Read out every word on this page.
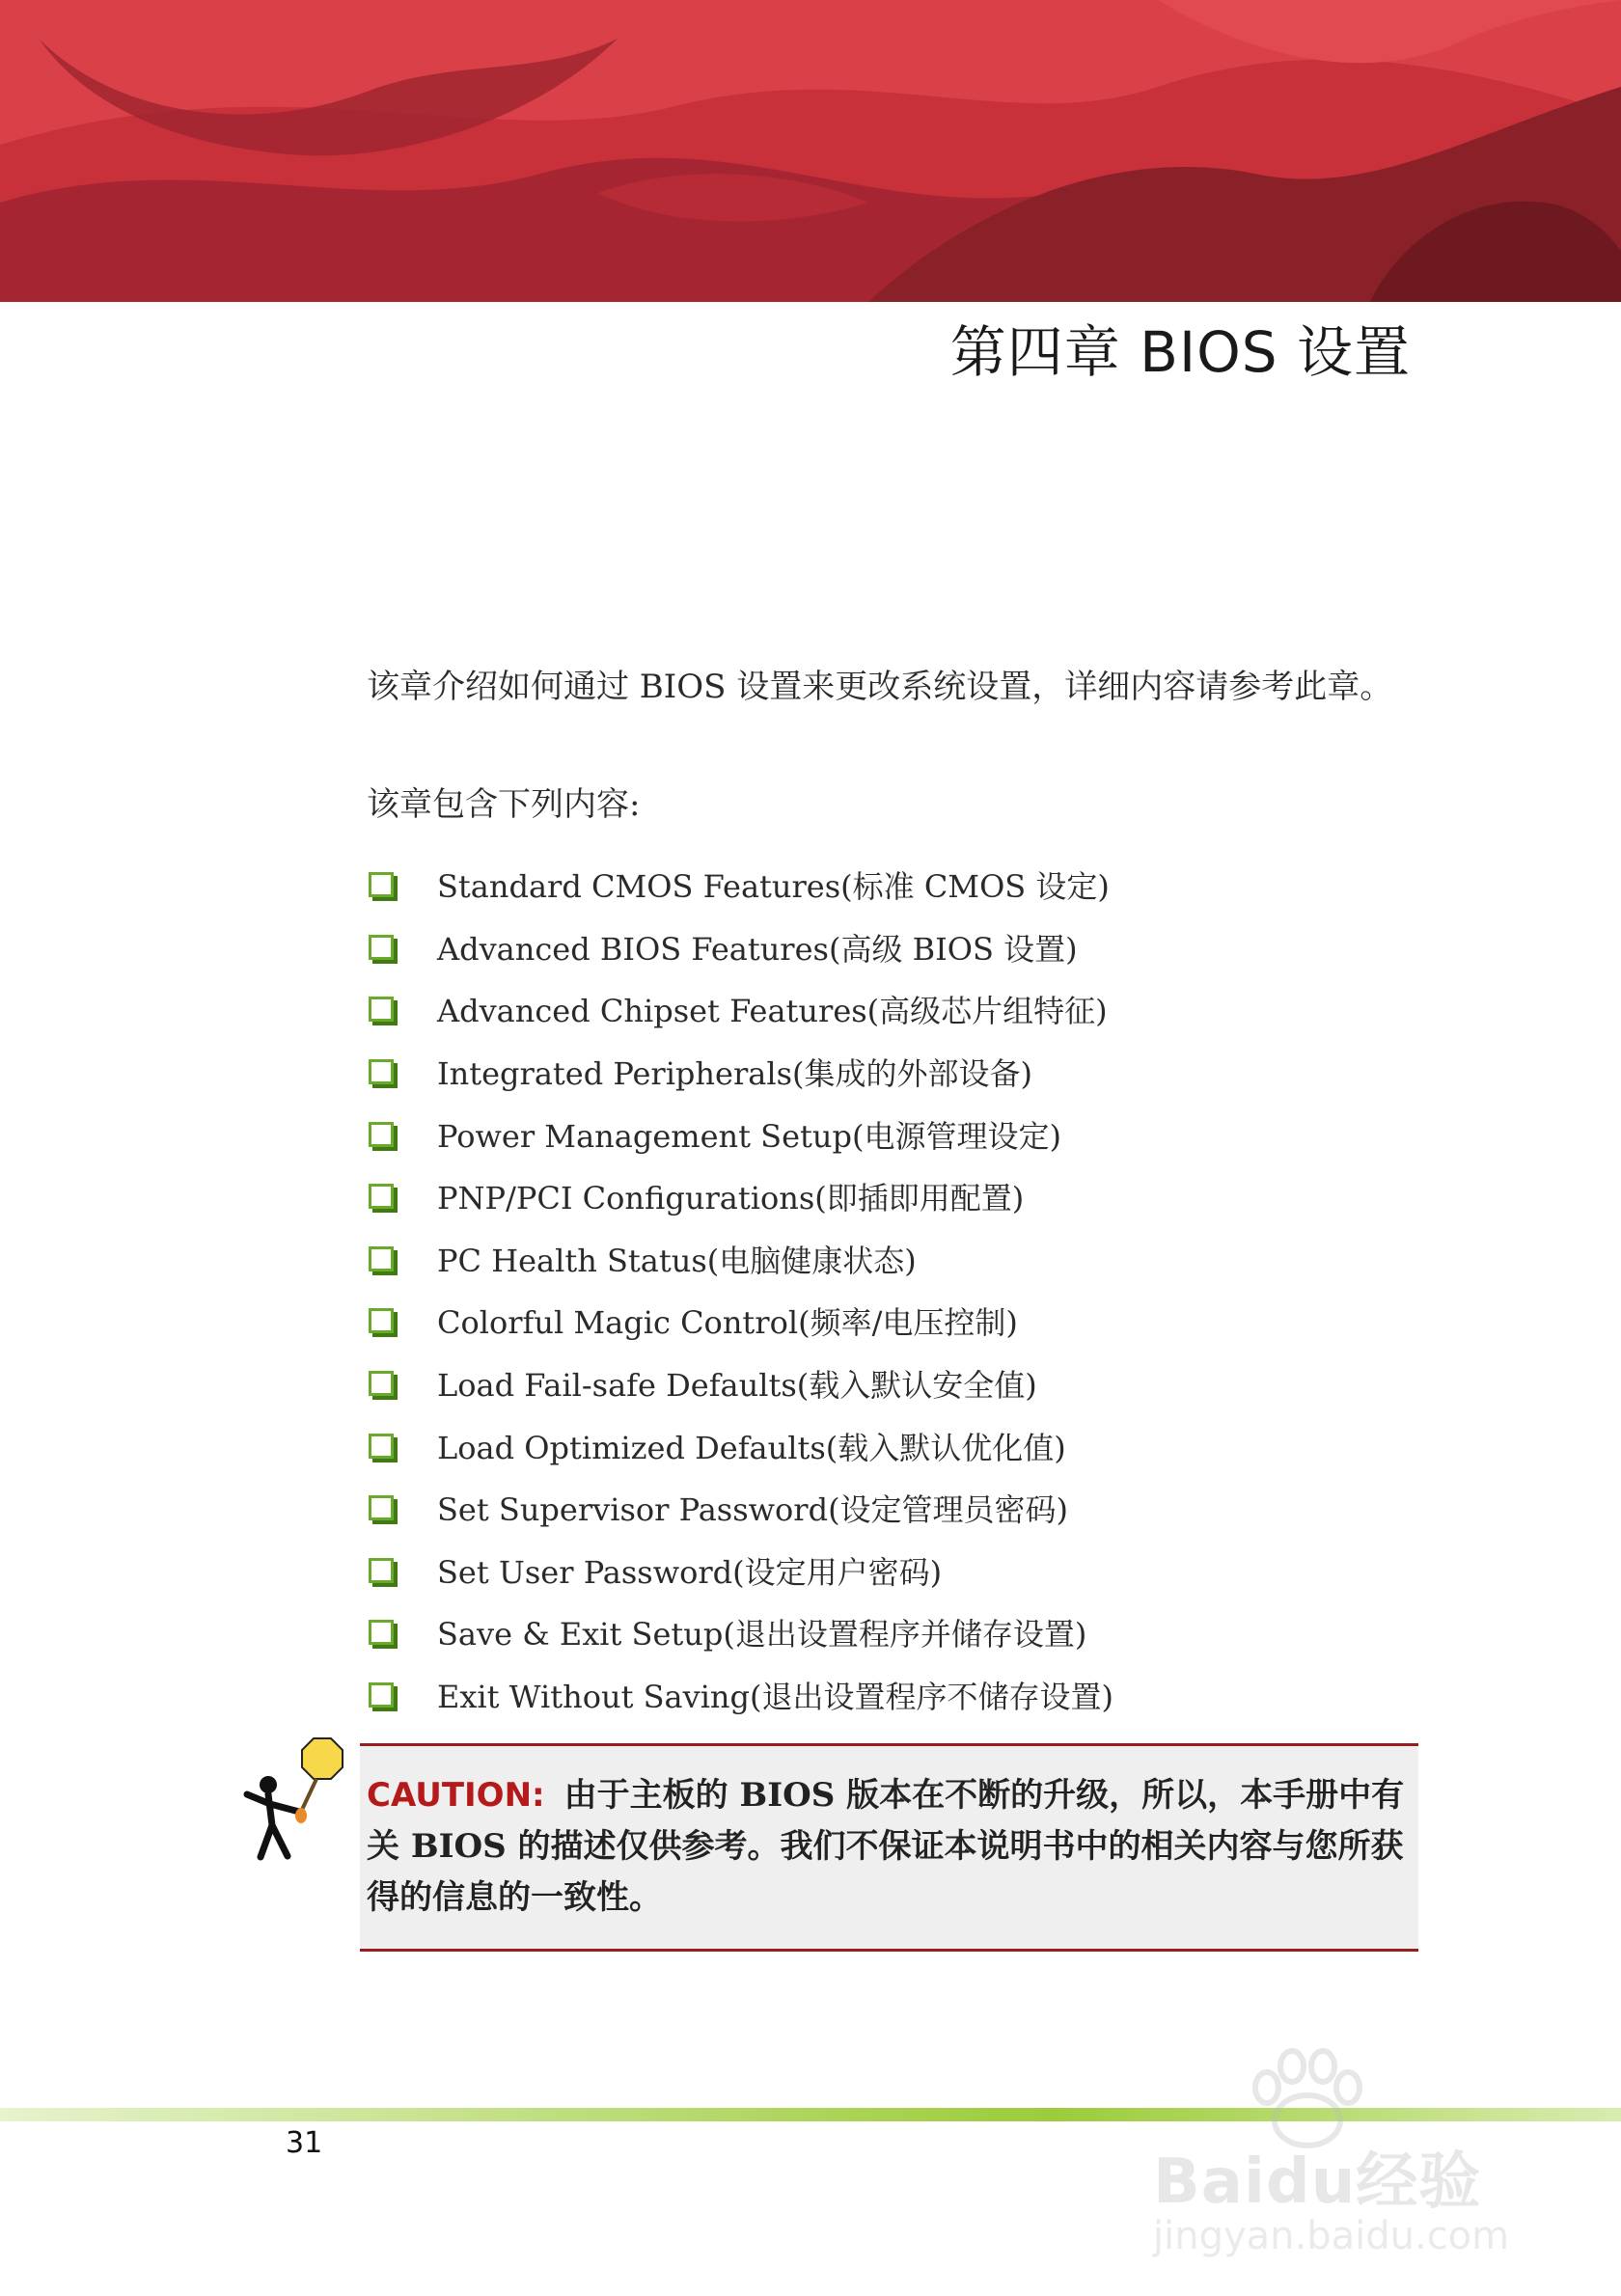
第四章 BIOS 设置
该章介绍如何通过 BIOS 设置来更改系统设置，详细内容请参考此章。
该章包含下列内容:
Standard CMOS Features(标准 CMOS 设定)
Advanced BIOS Features(高级 BIOS 设置)
Advanced Chipset Features(高级芯片组特征)
Integrated Peripherals(集成的外部设备)
Power Management Setup(电源管理设定)
PNP/PCI Configurations(即插即用配置)
PC Health Status(电脑健康状态)
Colorful Magic Control(频率/电压控制)
Load Fail-safe Defaults(载入默认安全值)
Load Optimized Defaults(载入默认优化值)
Set Supervisor Password(设定管理员密码)
Set User Password(设定用户密码)
Save & Exit Setup(退出设置程序并储存设置)
Exit Without Saving(退出设置程序不储存设置)
CAUTION: 由于主板的 BIOS 版本在不断的升级，所以，本手册中有关 BIOS 的描述仅供参考。我们不保证本说明书中的相关内容与您所获得的信息的一致性。
31
Baidu经验
jingyan.baidu.com
